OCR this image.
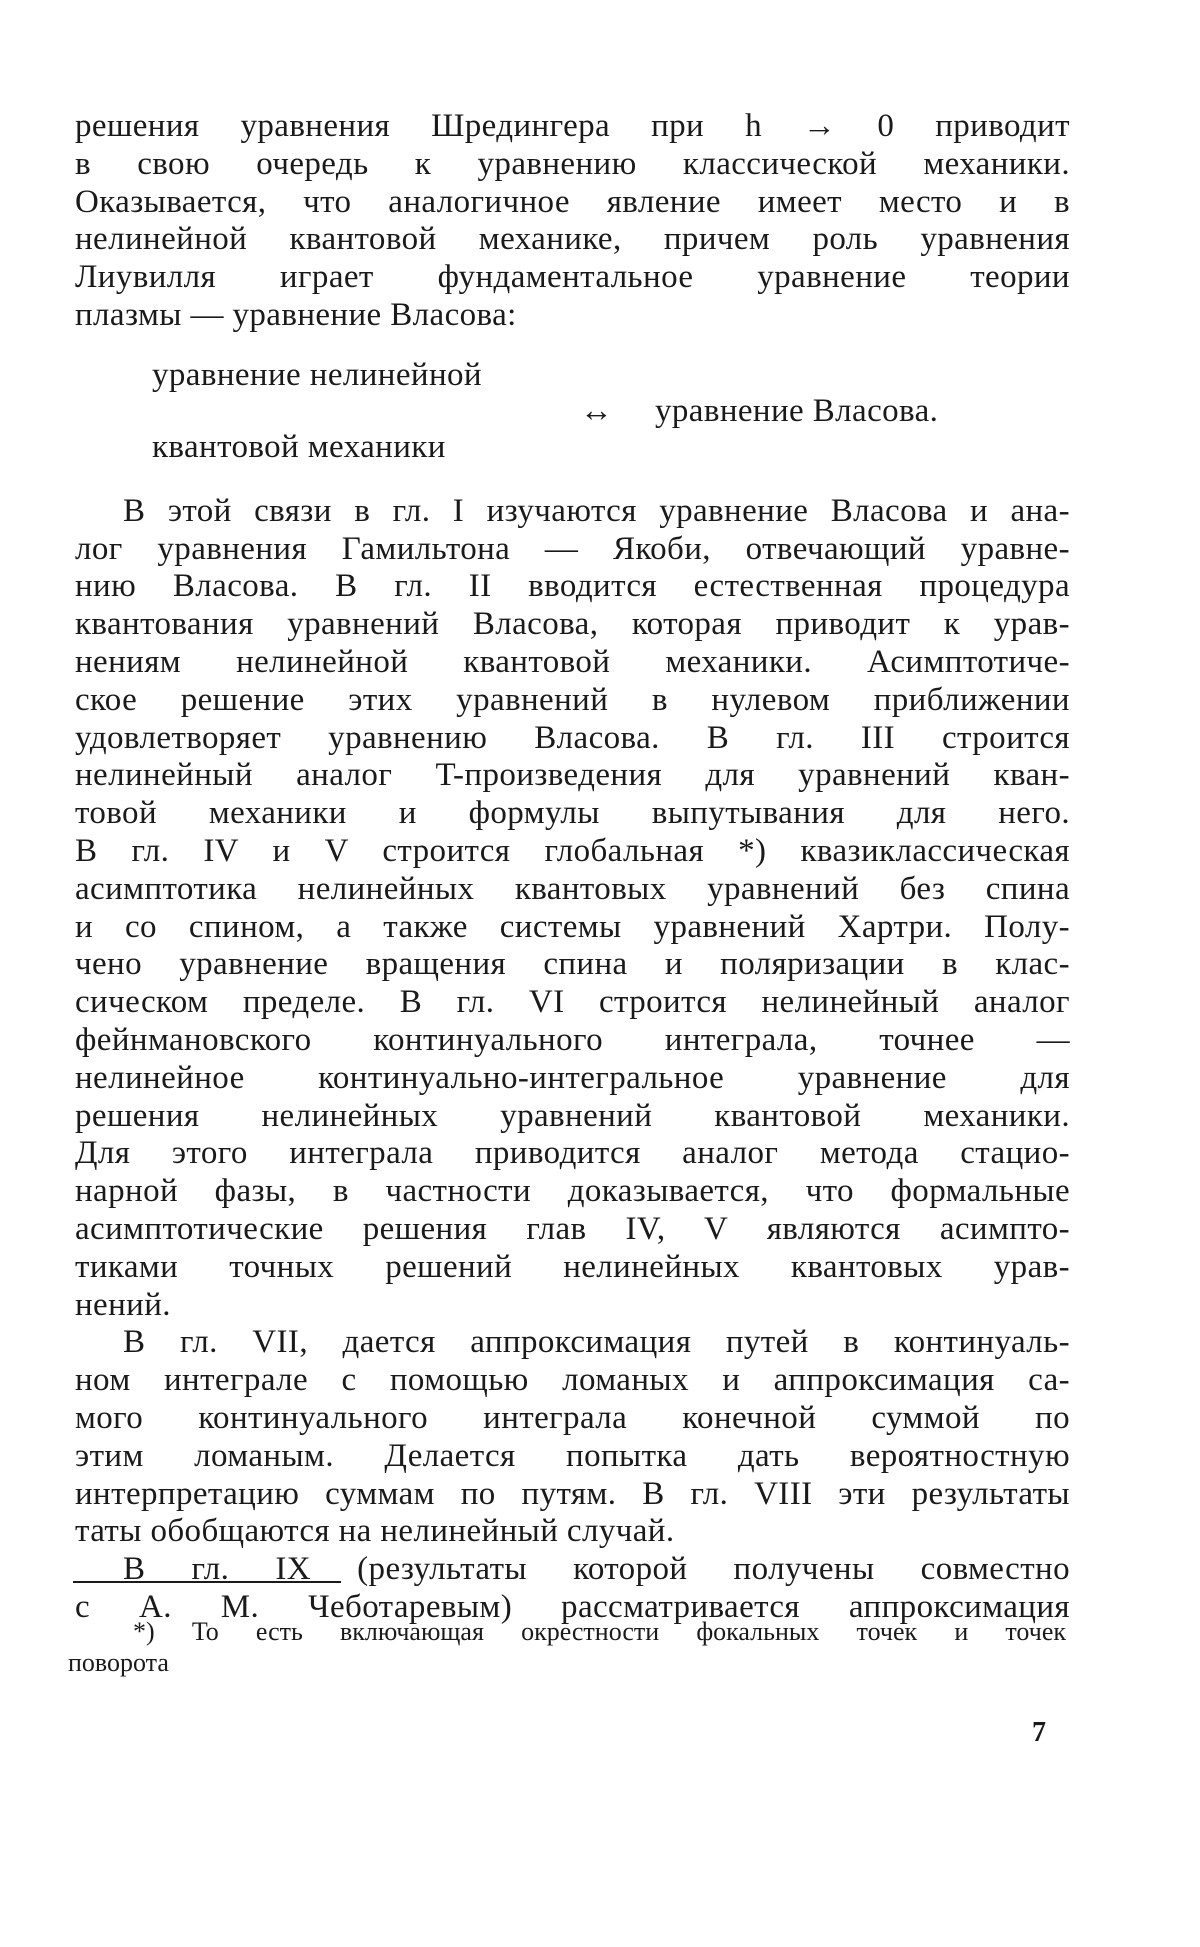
решения уравнения Шредингера при h → 0 приводит
в свою очередь к уравнению классической механики.
Оказывается, что аналогичное явление имеет место и в
нелинейной квантовой механике, причем роль уравнения
Лиувилля играет фундаментальное уравнение теории
плазмы — уравнение Власова:
уравнение нелинейной
квантовой механики
↔ уравнение Власова.
В этой связи в гл. I изучаются уравнение Власова и ана-
лог уравнения Гамильтона — Якоби, отвечающий уравне-
нию Власова. В гл. II вводится естественная процедура
квантования уравнений Власова, которая приводит к урав-
нениям нелинейной квантовой механики. Асимптотиче-
ское решение этих уравнений в нулевом приближении
удовлетворяет уравнению Власова. В гл. III строится
нелинейный аналог T-произведения для уравнений кван-
товой механики и формулы выпутывания для него.
В гл. IV и V строится глобальная *) квазиклассическая
асимптотика нелинейных квантовых уравнений без спина
и со спином, а также системы уравнений Хартри. Полу-
чено уравнение вращения спина и поляризации в клас-
сическом пределе. В гл. VI строится нелинейный аналог
фейнмановского континуального интеграла, точнее —
нелинейное континуально-интегральное уравнение для
решения нелинейных уравнений квантовой механики.
Для этого интеграла приводится аналог метода стацио-
нарной фазы, в частности доказывается, что формальные
асимптотические решения глав IV, V являются асимпто-
тиками точных решений нелинейных квантовых урав-
нений.
В гл. VII, дается аппроксимация путей в континуаль-
ном интеграле с помощью ломаных и аппроксимация са-
мого континуального интеграла конечной суммой по
этим ломаным. Делается попытка дать вероятностную
интерпретацию суммам по путям. В гл. VIII эти результаты
таты обобщаются на нелинейный случай.
В гл. IX (результаты которой получены совместно
с А. М. Чеботаревым) рассматривается аппроксимация
*) То есть включающая окрестности фокальных точек и точек
поворота
7
